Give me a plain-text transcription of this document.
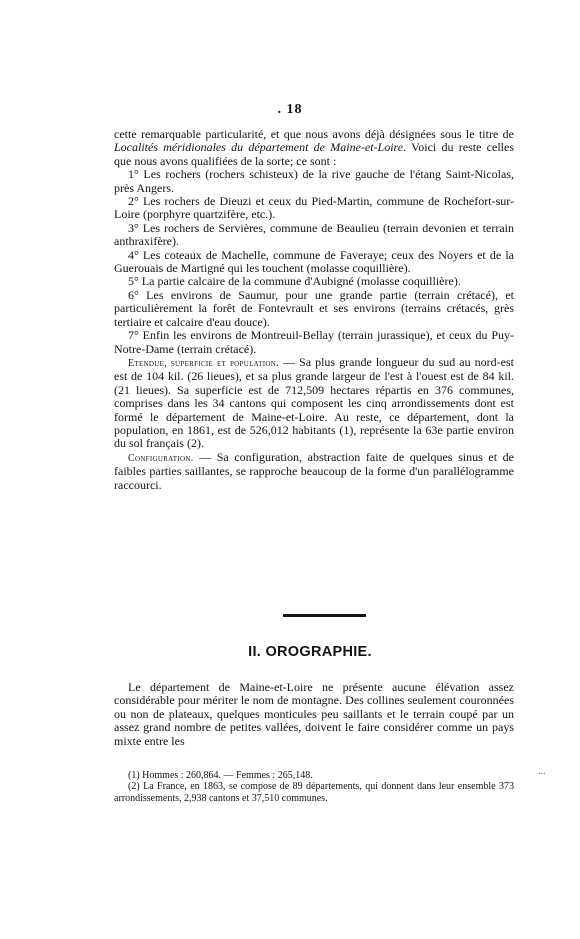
. 18

cette remarquable particularité, et que nous avons déjà désignées sous le titre de Localités méridionales du département de Maine-et-Loire. Voici du reste celles que nous avons qualifiées de la sorte; ce sont :

1° Les rochers (rochers schisteux) de la rive gauche de l'étang Saint-Nicolas, près Angers.

2° Les rochers de Dieuzi et ceux du Pied-Martin, commune de Rochefort-sur-Loire (porphyre quartzifère, etc.).

3° Les rochers de Servières, commune de Beaulieu (terrain devonien et terrain anthraxifère).

4° Les coteaux de Machelle, commune de Faveraye; ceux des Noyers et de la Guerouais de Martigné qui les touchent (molasse coquillière).

5° La partie calcaire de la commune d'Aubigné (molasse coquillière).

6° Les environs de Saumur, pour une grande partie (terrain crétacé), et particulièrement la forêt de Fontevrault et ses environs (terrains crétacés, grès tertiaire et calcaire d'eau douce).

7° Enfin les environs de Montreuil-Bellay (terrain jurassique), et ceux du Puy-Notre-Dame (terrain crétacé).

Etendue, superficie et population. — Sa plus grande longueur du sud au nord-est est de 104 kil. (26 lieues), et sa plus grande largeur de l'est à l'ouest est de 84 kil. (21 lieues). Sa superficie est de 712,509 hectares répartis en 376 communes, comprises dans les 34 cantons qui composent les cinq arrondissements dont est formé le département de Maine-et-Loire. Au reste, ce département, dont la population, en 1861, est de 526,012 habitants (1), représente la 63e partie environ du sol français (2).

Configuration. — Sa configuration, abstraction faite de quelques sinus et de faibles parties saillantes, se rapproche beaucoup de la forme d'un parallélogramme raccourci.

II. OROGRAPHIE.

Le département de Maine-et-Loire ne présente aucune élévation assez considérable pour mériter le nom de montagne. Des collines seulement couronnées ou non de plateaux, quelques monticules peu saillants et le terrain coupé par un assez grand nombre de petites vallées, doivent le faire considérer comme un pays mixte entre les

...

(1) Hommes : 260,864. — Femmes : 265,148.

(2) La France, en 1863, se compose de 89 départements, qui donnent dans leur ensemble 373 arrondissements, 2,938 cantons et 37,510 communes.
